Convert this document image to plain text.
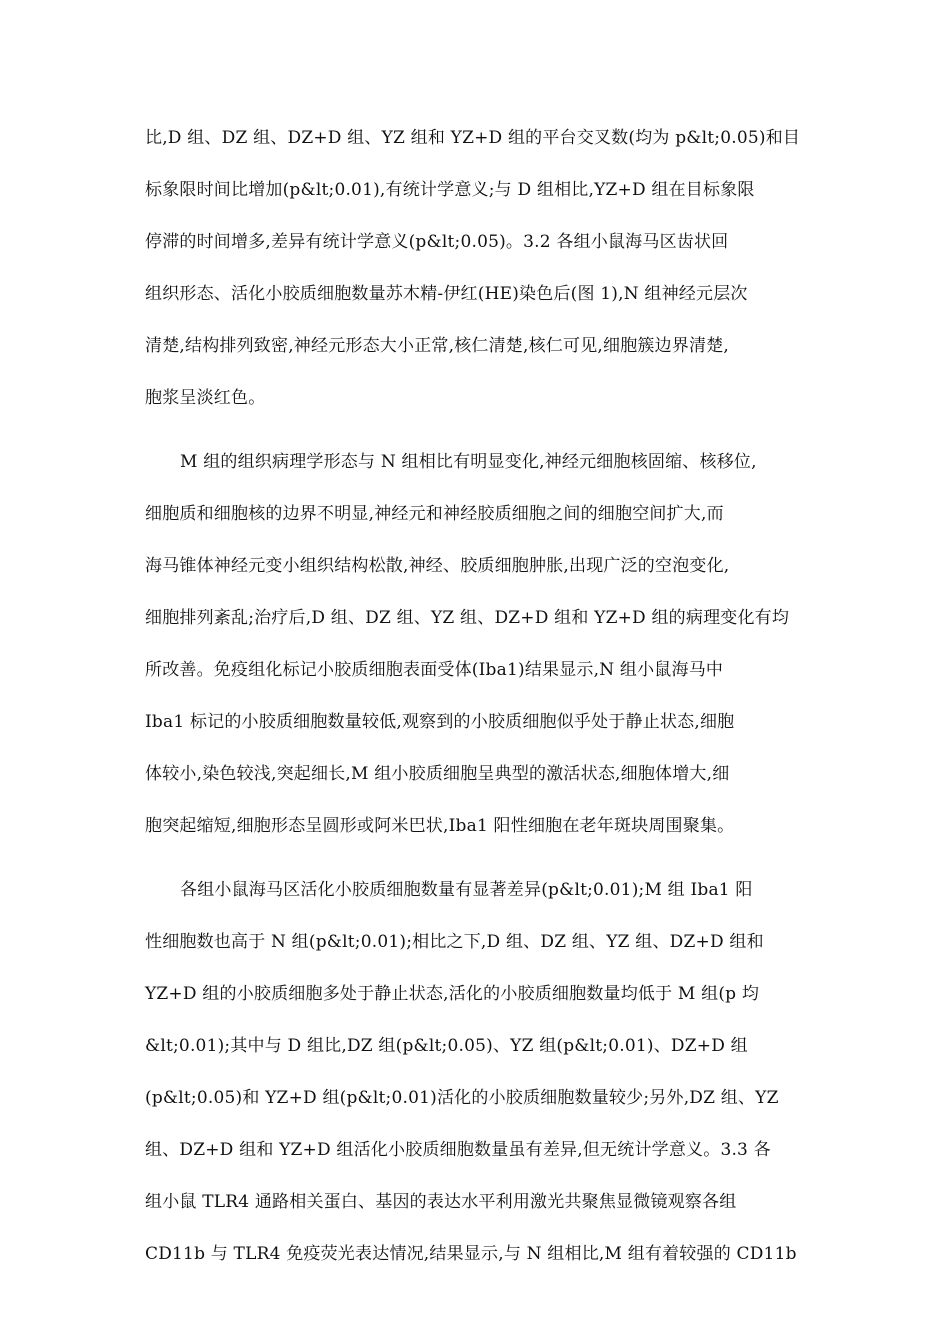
比,D 组、DZ 组、DZ+D 组、YZ 组和 YZ+D 组的平台交叉数(均为 p&lt;0.05)和目
标象限时间比增加(p&lt;0.01),有统计学意义;与 D 组相比,YZ+D 组在目标象限
停滞的时间增多,差异有统计学意义(p&lt;0.05)。3.2 各组小鼠海马区齿状回
组织形态、活化小胶质细胞数量苏木精-伊红(HE)染色后(图 1),N 组神经元层次
清楚,结构排列致密,神经元形态大小正常,核仁清楚,核仁可见,细胞簇边界清楚,
胞浆呈淡红色。
M 组的组织病理学形态与 N 组相比有明显变化,神经元细胞核固缩、核移位,
细胞质和细胞核的边界不明显,神经元和神经胶质细胞之间的细胞空间扩大,而
海马锥体神经元变小组织结构松散,神经、胶质细胞肿胀,出现广泛的空泡变化,
细胞排列紊乱;治疗后,D 组、DZ 组、YZ 组、DZ+D 组和 YZ+D 组的病理变化有均
所改善。免疫组化标记小胶质细胞表面受体(Iba1)结果显示,N 组小鼠海马中
Iba1 标记的小胶质细胞数量较低,观察到的小胶质细胞似乎处于静止状态,细胞
体较小,染色较浅,突起细长,M 组小胶质细胞呈典型的激活状态,细胞体增大,细
胞突起缩短,细胞形态呈圆形或阿米巴状,Iba1 阳性细胞在老年斑块周围聚集。
各组小鼠海马区活化小胶质细胞数量有显著差异(p&lt;0.01);M 组 Iba1 阳
性细胞数也高于 N 组(p&lt;0.01);相比之下,D 组、DZ 组、YZ 组、DZ+D 组和
YZ+D 组的小胶质细胞多处于静止状态,活化的小胶质细胞数量均低于 M 组(p 均
&lt;0.01);其中与 D 组比,DZ 组(p&lt;0.05)、YZ 组(p&lt;0.01)、DZ+D 组
(p&lt;0.05)和 YZ+D 组(p&lt;0.01)活化的小胶质细胞数量较少;另外,DZ 组、YZ
组、DZ+D 组和 YZ+D 组活化小胶质细胞数量虽有差异,但无统计学意义。3.3 各
组小鼠 TLR4 通路相关蛋白、基因的表达水平利用激光共聚焦显微镜观察各组
CD11b 与 TLR4 免疫荧光表达情况,结果显示,与 N 组相比,M 组有着较强的 CD11b
